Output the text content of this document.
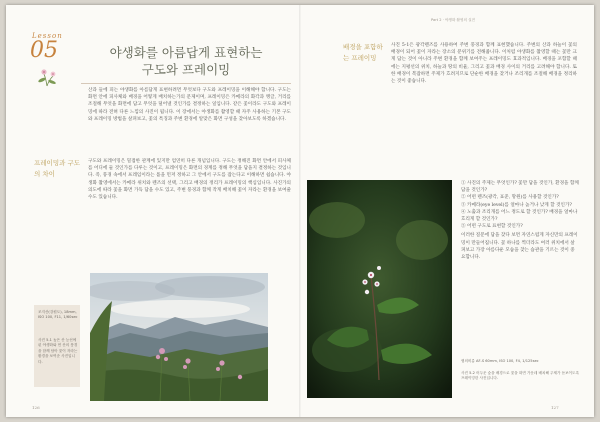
Lesson
05	야생화를 아름답게 표현하는
구도와 프레이밍
산과 들에 피는 야생화를 아름답게 표현하려면 무엇보다 구도와 프레이밍을 이해해야 합니다. 구도는 화면 안에 피사체와 배경을 어떻게 배치하는가의 문제이며, 프레이밍은 카메라의 화각과 앵글, 거리를 조절해 무엇을 화면에 담고 무엇을 덜어낼 것인가를 결정하는 일입니다. 같은 꽃이라도 구도와 프레이밍에 따라 전혀 다른 느낌의 사진이 됩니다. 이 장에서는 야생화를 촬영할 때 자주 사용하는 기본 구도와 프레이밍 방법을 살펴보고, 꽃의 특징과 주변 환경에 알맞은 화면 구성을 찾아보도록 하겠습니다.
프레이밍과 구도의 차이
구도와 프레이밍은 밀접한 관계에 있지만 엄연히 다른 개념입니다. 구도는 정해진 화면 안에서 피사체를 어디에 둘 것인가를 다루는 것이고, 프레이밍은 화면의 경계를 정해 무엇을 담을지 결정하는 것입니다. 즉, 풍경 속에서 프레임이라는 틀을 먼저 정하고 그 안에서 구도를 잡는다고 이해하면 쉽습니다. 야생화 촬영에서는 카메라 위치와 렌즈의 선택, 그리고 배경의 정리가 프레이밍의 핵심입니다. 사진가의 의도에 따라 꽃을 화면 가득 담을 수도 있고, 주변 풍경과 함께 작게 배치해 꽃이 자라는 환경을 보여줄 수도 있습니다.
조지산(강원도), 18mm, ISO 100, F11, 1/60sec
사진 5-1 높은 산 능선에 핀 야생화와 먼 산의 풍경을 함께 담아 꽃이 자라는 환경을 보여준 사진입니다.
126
Part 2 · 야생화 촬영의 실전
배경을 포함하는 프레이밍
사진 5-1은 광각렌즈를 사용하여 주변 풍경과 함께 표현했습니다. 주변의 산과 하늘이 꽃의 배경이 되어 꽃이 자라는 장소의 분위기를 전해줍니다. 이처럼 야생화를 촬영할 때는 꽃만 크게 담는 것이 아니라 주변 환경을 함께 보여주는 프레이밍도 효과적입니다. 배경을 포함할 때에는 지평선의 위치, 하늘과 땅의 비율, 그리고 꽃과 배경 사이의 거리를 고려해야 합니다. 또한 배경이 복잡하면 주제가 흐려지므로 단순한 배경을 찾거나 조리개를 조절해 배경을 정리하는 것이 좋습니다.
① 사진의 주제는 무엇인가? 꽃만 담을 것인가, 환경을 함께 담을 것인가?
② 어떤 렌즈(광각, 표준, 망원)를 사용할 것인가?
③ 카메라(eye level)를 얼마나 높거나 낮게 할 것인가?
④ 노출과 조리개를 어느 정도로 할 것인가? 배경을 얼마나 흐리게 할 것인가?
⑤ 어떤 구도로 표현할 것인가?
이러한 질문에 답을 찾다 보면 자연스럽게 자신만의 프레이밍이 만들어집니다. 꽃 하나를 찍더라도 여러 위치에서 살펴보고 가장 아름다운 모습을 찾는 습관을 기르는 것이 중요합니다.
꿩의비름 AF-S 60mm, ISO 100, F4, 1/125sec
사진 5-2 어두운 숲을 배경으로 꽃을 화면 가운데 배치해 주제가 돋보이도록 프레이밍한 사진입니다.
127
